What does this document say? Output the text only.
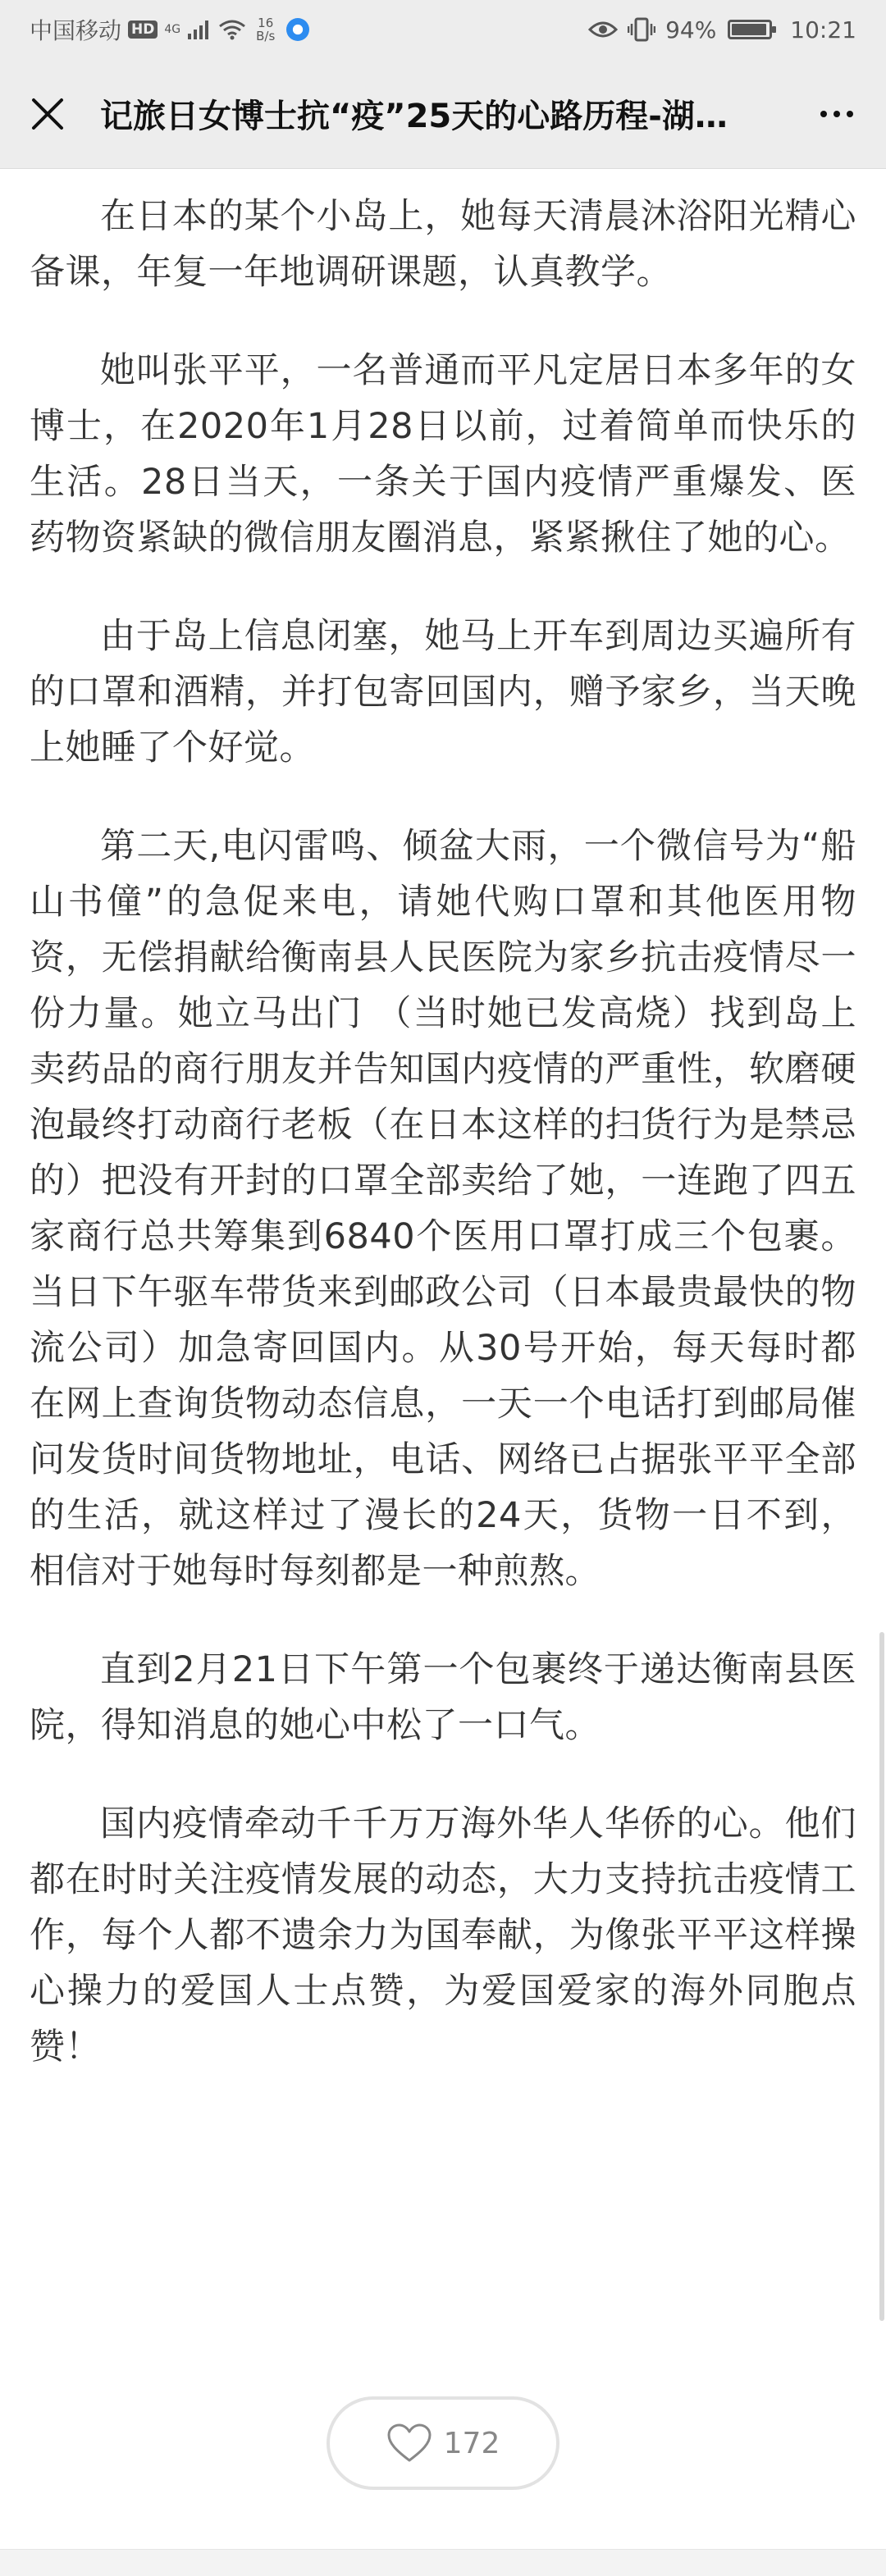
中国移动 HD 4G	16
B/s	94%	10:21
记旅日女博士抗“疫”25天的心路历程-湖…

在日本的某个小岛上，她每天清晨沐浴阳光精心备课，年复一年地调研课题，认真教学。

她叫张平平，一名普通而平凡定居日本多年的女博士，在2020年1月28日以前，过着简单而快乐的生活。28日当天，一条关于国内疫情严重爆发、医药物资紧缺的微信朋友圈消息，紧紧揪住了她的心。

由于岛上信息闭塞，她马上开车到周边买遍所有的口罩和酒精，并打包寄回国内，赠予家乡，当天晚上她睡了个好觉。

第二天,电闪雷鸣、倾盆大雨，一个微信号为“船山书僮”的急促来电，请她代购口罩和其他医用物资，无偿捐献给衡南县人民医院为家乡抗击疫情尽一份力量。她立马出门 （当时她已发高烧）找到岛上卖药品的商行朋友并告知国内疫情的严重性，软磨硬泡最终打动商行老板（在日本这样的扫货行为是禁忌的）把没有开封的口罩全部卖给了她，一连跑了四五家商行总共筹集到6840个医用口罩打成三个包裹。当日下午驱车带货来到邮政公司（日本最贵最快的物流公司）加急寄回国内。从30号开始，每天每时都在网上查询货物动态信息，一天一个电话打到邮局催问发货时间货物地址，电话、网络已占据张平平全部的生活，就这样过了漫长的24天，货物一日不到，相信对于她每时每刻都是一种煎熬。

直到2月21日下午第一个包裹终于递达衡南县医院，得知消息的她心中松了一口气。

国内疫情牵动千千万万海外华人华侨的心。他们都在时时关注疫情发展的动态，大力支持抗击疫情工作，每个人都不遗余力为国奉献，为像张平平这样操心操力的爱国人士点赞，为爱国爱家的海外同胞点赞！

172
